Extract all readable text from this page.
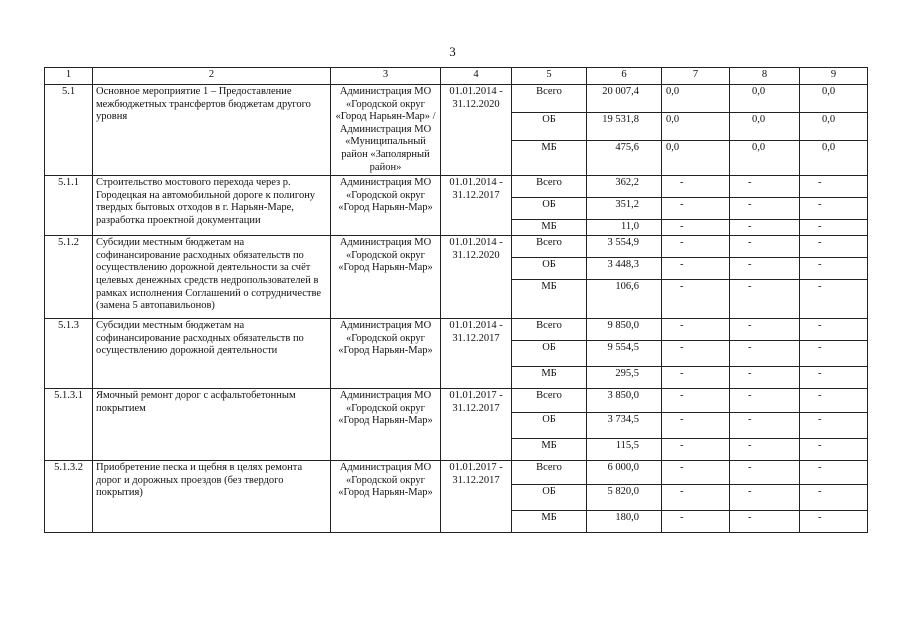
3
1	2	3	4	5	6	7	8	9
5.1	Основное мероприятие 1 – Предоставление межбюджетных трансфертов бюджетам другого уровня	Администрация МО «Городской округ «Город Нарьян-Мар» / Администрация МО «Муниципальный район «Заполярный район»	01.01.2014 - 31.12.2020	Всего	20 007,4	0,0	0,0	0,0
				ОБ	19 531,8	0,0	0,0	0,0
				МБ	475,6	0,0	0,0	0,0
5.1.1	Строительство мостового перехода через р. Городецкая на автомобильной дороге к полигону твердых бытовых отходов в г. Нарьян-Маре, разработка проектной документации	Администрация МО «Городской округ «Город Нарьян-Мар»	01.01.2014 - 31.12.2017	Всего	362,2	-	-	-
				ОБ	351,2	-	-	-
				МБ	11,0	-	-	-
5.1.2	Субсидии местным бюджетам на софинансирование расходных обязательств по осуществлению дорожной деятельности за счёт целевых денежных средств недропользователей в рамках исполнения Соглашений о сотрудничестве (замена 5 автопавильонов)	Администрация МО «Городской округ «Город Нарьян-Мар»	01.01.2014 - 31.12.2020	Всего	3 554,9	-	-	-
				ОБ	3 448,3	-	-	-
				МБ	106,6	-	-	-
5.1.3	Субсидии местным бюджетам на софинансирование расходных обязательств по осуществлению дорожной деятельности	Администрация МО «Городской округ «Город Нарьян-Мар»	01.01.2014 - 31.12.2017	Всего	9 850,0	-	-	-
				ОБ	9 554,5	-	-	-
				МБ	295,5	-	-	-
5.1.3.1	Ямочный ремонт дорог с асфальтобетонным покрытием	Администрация МО «Городской округ «Город Нарьян-Мар»	01.01.2017 - 31.12.2017	Всего	3 850,0	-	-	-
				ОБ	3 734,5	-	-	-
				МБ	115,5	-	-	-
5.1.3.2	Приобретение песка и щебня в целях ремонта дорог и дорожных проездов (без твердого покрытия)	Администрация МО «Городской округ «Город Нарьян-Мар»	01.01.2017 - 31.12.2017	Всего	6 000,0	-	-	-
				ОБ	5 820,0	-	-	-
				МБ	180,0	-	-	-
